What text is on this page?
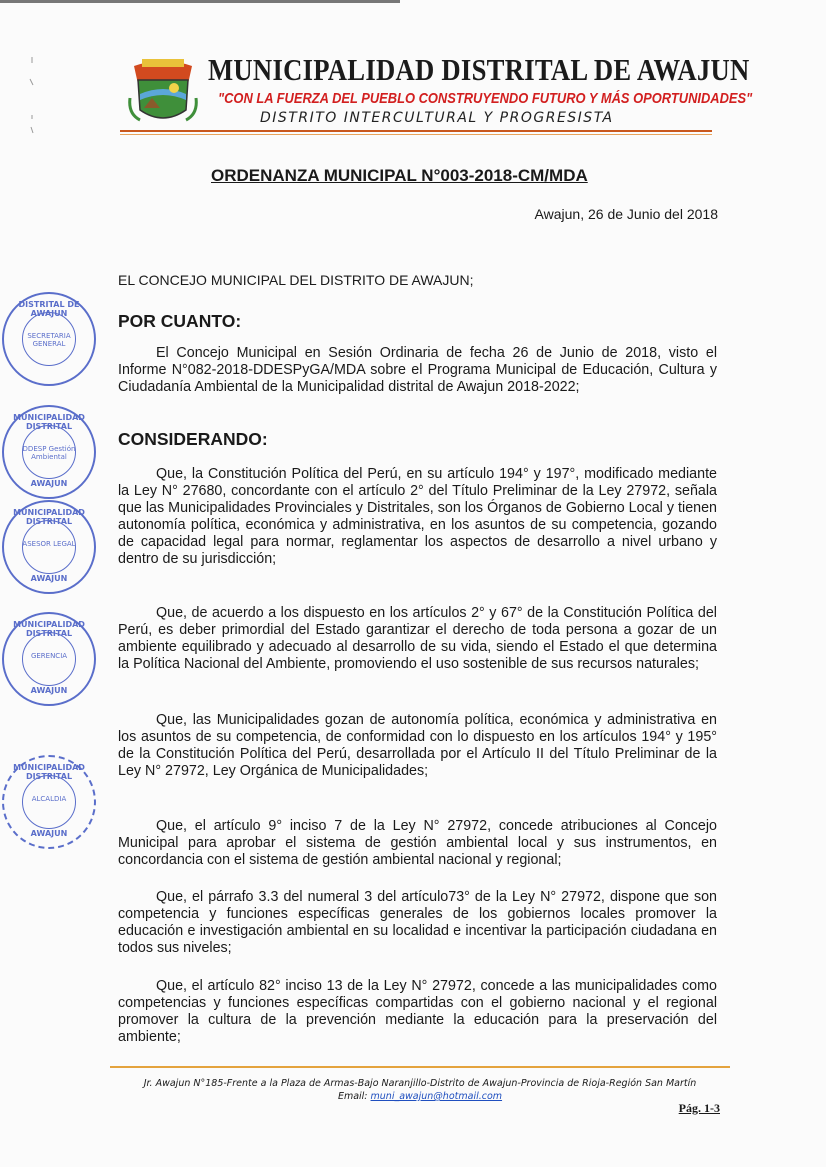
MUNICIPALIDAD DISTRITAL DE AWAJUN
"CON LA FUERZA DEL PUEBLO CONSTRUYENDO FUTURO Y MÁS OPORTUNIDADES"
DISTRITO INTERCULTURAL Y PROGRESISTA
ORDENANZA MUNICIPAL N°003-2018-CM/MDA
Awajun, 26 de Junio del 2018
EL CONCEJO MUNICIPAL DEL DISTRITO DE AWAJUN;
POR CUANTO:
El Concejo Municipal en Sesión Ordinaria de fecha 26 de Junio de 2018, visto el Informe N°082-2018-DDESPyGA/MDA sobre el Programa Municipal de Educación, Cultura y Ciudadanía Ambiental de la Municipalidad distrital de Awajun 2018-2022;
CONSIDERANDO:
Que, la Constitución Política del Perú, en su artículo 194° y 197°, modificado mediante la Ley N° 27680, concordante con el artículo 2° del Título Preliminar de la Ley 27972, señala que las Municipalidades Provinciales y Distritales, son los Órganos de Gobierno Local y tienen autonomía política, económica y administrativa, en los asuntos de su competencia, gozando de capacidad legal para normar, reglamentar los aspectos de desarrollo a nivel urbano y dentro de su jurisdicción;
Que, de acuerdo a los dispuesto en los artículos 2° y 67° de la Constitución Política del Perú, es deber primordial del Estado garantizar el derecho de toda persona a gozar de un ambiente equilibrado y adecuado al desarrollo de su vida, siendo el Estado el que determina la Política Nacional del Ambiente, promoviendo el uso sostenible de sus recursos naturales;
Que, las Municipalidades gozan de autonomía política, económica y administrativa en los asuntos de su competencia, de conformidad con lo dispuesto en los artículos 194° y 195° de la Constitución Política del Perú, desarrollada por el Artículo II del Título Preliminar de la Ley N° 27972, Ley Orgánica de Municipalidades;
Que, el artículo 9° inciso 7 de la Ley N° 27972, concede atribuciones al Concejo Municipal para aprobar el sistema de gestión ambiental local y sus instrumentos, en concordancia con el sistema de gestión ambiental nacional y regional;
Que, el párrafo 3.3 del numeral 3 del artículo73° de la Ley N° 27972, dispone que son competencia y funciones específicas generales de los gobiernos locales promover la educación e investigación ambiental en su localidad e incentivar la participación ciudadana en todos sus niveles;
Que, el artículo 82° inciso 13 de la Ley N° 27972, concede a las municipalidades como competencias y funciones específicas compartidas con el gobierno nacional y el regional promover la cultura de la prevención mediante la educación para la preservación del ambiente;
DISTRITAL DE AWAJUN
SECRETARIA GENERAL
MUNICIPALIDAD DISTRITAL
DDESP Gestión Ambiental
AWAJUN
MUNICIPALIDAD DISTRITAL
ASESOR LEGAL
AWAJUN
MUNICIPALIDAD DISTRITAL
GERENCIA
AWAJUN
MUNICIPALIDAD DISTRITAL
ALCALDIA
AWAJUN
Jr. Awajun N°185-Frente a la Plaza de Armas-Bajo Naranjillo-Distrito de Awajun-Provincia de Rioja-Región San Martín
Email: muni_awajun@hotmail.com
Pág. 1-3
